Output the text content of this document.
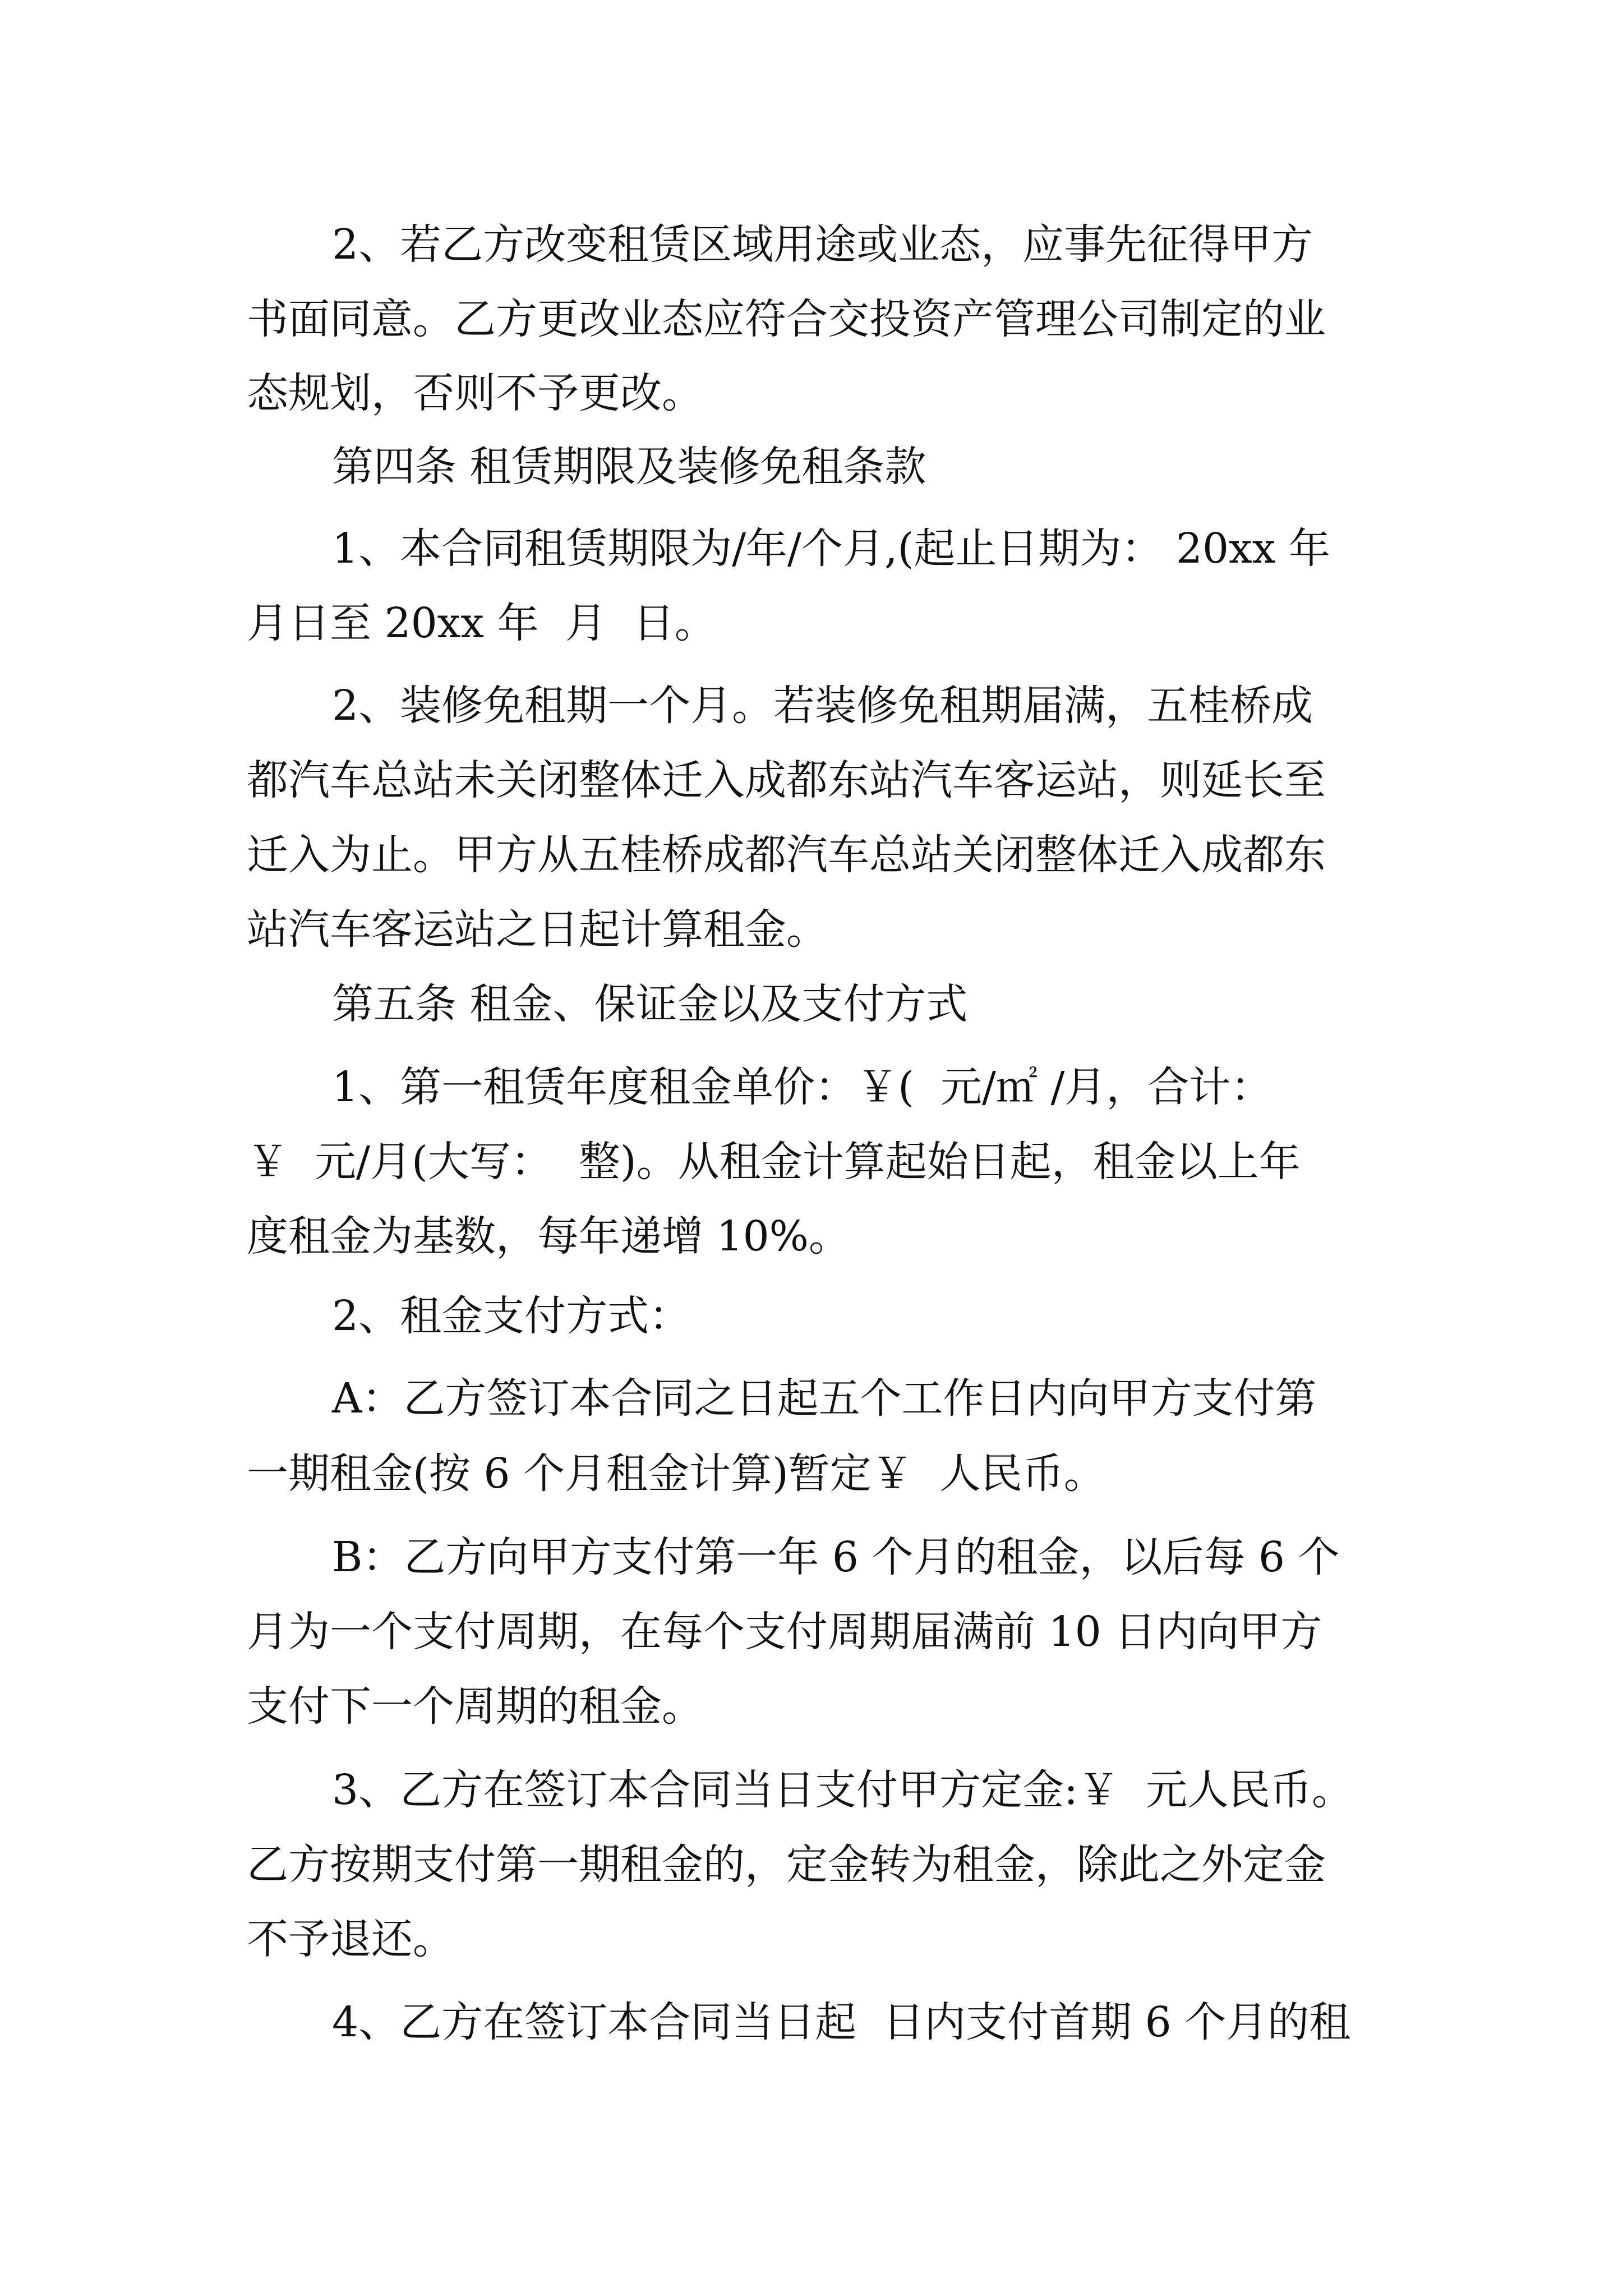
2、若乙方改变租赁区域用途或业态，应事先征得甲方
书面同意。乙方更改业态应符合交投资产管理公司制定的业
态规划，否则不予更改。
第四条 租赁期限及装修免租条款
1、本合同租赁期限为/年/个月,(起止日期为： 20xx 年
月日至 20xx 年  月  日。
2、装修免租期一个月。若装修免租期届满，五桂桥成
都汽车总站未关闭整体迁入成都东站汽车客运站，则延长至
迁入为止。甲方从五桂桥成都汽车总站关闭整体迁入成都东
站汽车客运站之日起计算租金。
第五条 租金、保证金以及支付方式
1、第一租赁年度租金单价：￥(  元/㎡ /月，合计：
￥  元/月(大写：  整)。从租金计算起始日起，租金以上年
度租金为基数，每年递增 10%。
2、租金支付方式：
A：乙方签订本合同之日起五个工作日内向甲方支付第
一期租金(按 6 个月租金计算)暂定￥  人民币。
B：乙方向甲方支付第一年 6 个月的租金，以后每 6 个
月为一个支付周期，在每个支付周期届满前 10 日内向甲方
支付下一个周期的租金。
3、乙方在签订本合同当日支付甲方定金:￥  元人民币。
乙方按期支付第一期租金的，定金转为租金，除此之外定金
不予退还。
4、乙方在签订本合同当日起  日内支付首期 6 个月的租
